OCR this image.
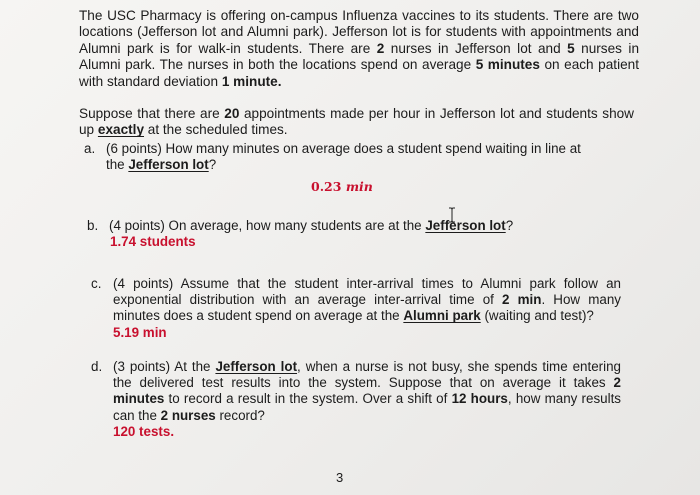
The USC Pharmacy is offering on-campus Influenza vaccines to its students. There are two locations (Jefferson lot and Alumni park). Jefferson lot is for students with appointments and Alumni park is for walk-in students. There are 2 nurses in Jefferson lot and 5 nurses in Alumni park. The nurses in both the locations spend on average 5 minutes on each patient with standard deviation 1 minute.
Suppose that there are 20 appointments made per hour in Jefferson lot and students show up exactly at the scheduled times.
a. (6 points) How many minutes on average does a student spend waiting in line at
the Jefferson lot?
0.23 min
b. (4 points) On average, how many students are at the Jefferson lot?
1.74 students
c. (4 points) Assume that the student inter-arrival times to Alumni park follow an exponential distribution with an average inter-arrival time of 2 min. How many minutes does a student spend on average at the Alumni park (waiting and test)?
5.19 min
d. (3 points) At the Jefferson lot, when a nurse is not busy, she spends time entering the delivered test results into the system. Suppose that on average it takes 2 minutes to record a result in the system. Over a shift of 12 hours, how many results can the 2 nurses record?
120 tests.
3
